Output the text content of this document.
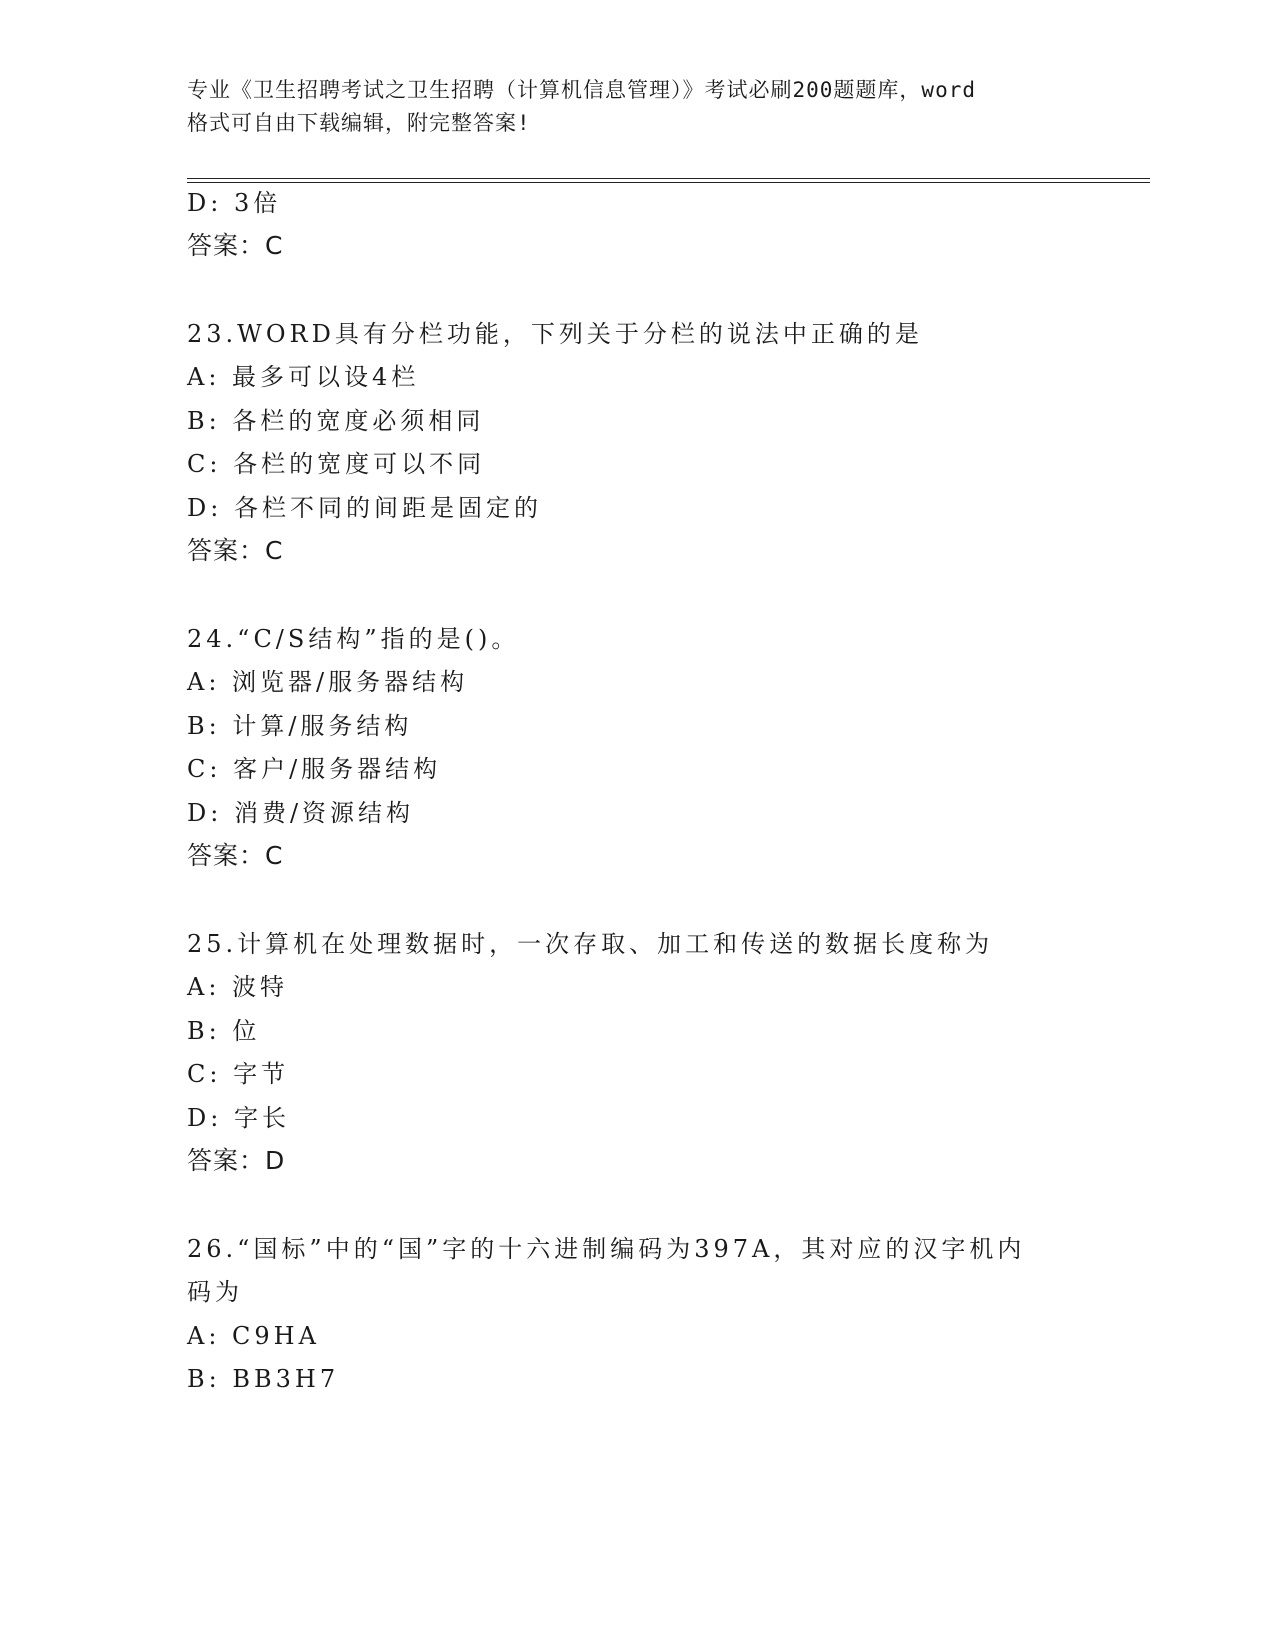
专业《卫生招聘考试之卫生招聘（计算机信息管理）》考试必刷200题题库，word
格式可自由下载编辑，附完整答案!
D: 3倍
答案：C
23.WORD具有分栏功能，下列关于分栏的说法中正确的是
A: 最多可以设4栏
B: 各栏的宽度必须相同
C: 各栏的宽度可以不同
D: 各栏不同的间距是固定的
答案：C
24.“C/S结构”指的是()。
A: 浏览器/服务器结构
B: 计算/服务结构
C: 客户/服务器结构
D: 消费/资源结构
答案：C
25.计算机在处理数据时，一次存取、加工和传送的数据长度称为
A: 波特
B: 位
C: 字节
D: 字长
答案：D
26.“国标”中的“国”字的十六进制编码为397A，其对应的汉字机内
码为
A: C9HA
B: BB3H7
